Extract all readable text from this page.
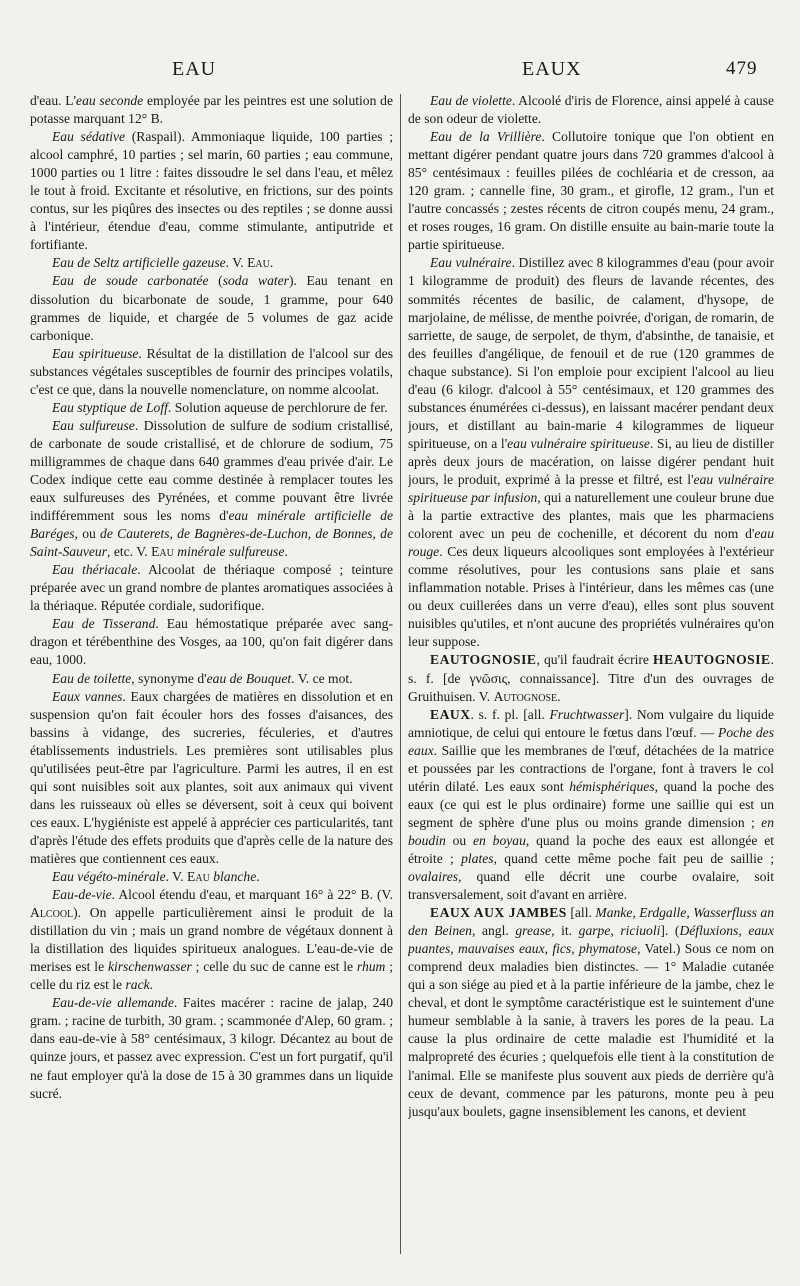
EAU	EAUX	479

d'eau. L'eau seconde employée par les peintres est une solution de potasse marquant 12° B.

Eau sédative (Raspail). Ammoniaque liquide, 100 parties ; alcool camphré, 10 parties ; sel marin, 60 parties ; eau commune, 1000 parties ou 1 litre : faites dissoudre le sel dans l'eau, et mêlez le tout à froid. Excitante et résolutive, en frictions, sur des points contus, sur les piqûres des insectes ou des reptiles ; se donne aussi à l'intérieur, étendue d'eau, comme stimulante, antiputride et fortifiante.

Eau de Seltz artificielle gazeuse. V. Eau.

Eau de soude carbonatée (soda water). Eau tenant en dissolution du bicarbonate de soude, 1 gramme, pour 640 grammes de liquide, et chargée de 5 volumes de gaz acide carbonique.

Eau spiritueuse. Résultat de la distillation de l'alcool sur des substances végétales susceptibles de fournir des principes volatils, c'est ce que, dans la nouvelle nomenclature, on nomme alcoolat.

Eau styptique de Loff. Solution aqueuse de perchlorure de fer.

Eau sulfureuse. Dissolution de sulfure de sodium cristallisé, de carbonate de soude cristallisé, et de chlorure de sodium, 75 milligrammes de chaque dans 640 grammes d'eau privée d'air. Le Codex indique cette eau comme destinée à remplacer toutes les eaux sulfureuses des Pyrénées, et comme pouvant être livrée indifféremment sous les noms d'eau minérale artificielle de Baréges, ou de Cauterets, de Bagnères-de-Luchon, de Bonnes, de Saint-Sauveur, etc. V. Eau minérale sulfureuse.

Eau thériacale. Alcoolat de thériaque composé ; teinture préparée avec un grand nombre de plantes aromatiques associées à la thériaque. Réputée cordiale, sudorifique.

Eau de Tisserand. Eau hémostatique préparée avec sang-dragon et térébenthine des Vosges, aa 100, qu'on fait digérer dans eau, 1000.

Eau de toilette, synonyme d'eau de Bouquet. V. ce mot.

Eaux vannes. Eaux chargées de matières en dissolution et en suspension qu'on fait écouler hors des fosses d'aisances, des bassins à vidange, des sucreries, féculeries, et d'autres établissements industriels. Les premières sont utilisables plus qu'utilisées peut-être par l'agriculture. Parmi les autres, il en est qui sont nuisibles soit aux plantes, soit aux animaux qui vivent dans les ruisseaux où elles se déversent, soit à ceux qui boivent ces eaux. L'hygiéniste est appelé à apprécier ces particularités, tant d'après l'étude des effets produits que d'après celle de la nature des matières que contiennent ces eaux.

Eau végéto-minérale. V. Eau blanche.

Eau-de-vie. Alcool étendu d'eau, et marquant 16° à 22° B. (V. Alcool). On appelle particulièrement ainsi le produit de la distillation du vin ; mais un grand nombre de végétaux donnent à la distillation des liquides spiritueux analogues. L'eau-de-vie de merises est le kirschenwasser ; celle du suc de canne est le rhum ; celle du riz est le rack.

Eau-de-vie allemande. Faites macérer : racine de jalap, 240 gram. ; racine de turbith, 30 gram. ; scammonée d'Alep, 60 gram. ; dans eau-de-vie à 58° centésimaux, 3 kilogr. Décantez au bout de quinze jours, et passez avec expression. C'est un fort purgatif, qu'il ne faut employer qu'à la dose de 15 à 30 grammes dans un liquide sucré.

Eau de violette. Alcoolé d'iris de Florence, ainsi appelé à cause de son odeur de violette.

Eau de la Vrillière. Collutoire tonique que l'on obtient en mettant digérer pendant quatre jours dans 720 grammes d'alcool à 85° centésimaux : feuilles pilées de cochléaria et de cresson, aa 120 gram. ; cannelle fine, 30 gram., et girofle, 12 gram., l'un et l'autre concassés ; zestes récents de citron coupés menu, 24 gram., et roses rouges, 16 gram. On distille ensuite au bain-marie toute la partie spiritueuse.

Eau vulnéraire. Distillez avec 8 kilogrammes d'eau (pour avoir 1 kilogramme de produit) des fleurs de lavande récentes, des sommités récentes de basilic, de calament, d'hysope, de marjolaine, de mélisse, de menthe poivrée, d'origan, de romarin, de sarriette, de sauge, de serpolet, de thym, d'absinthe, de tanaisie, et des feuilles d'angélique, de fenouil et de rue (120 grammes de chaque substance). Si l'on emploie pour excipient l'alcool au lieu d'eau (6 kilogr. d'alcool à 55° centésimaux, et 120 grammes des substances énumérées ci-dessus), en laissant macérer pendant deux jours, et distillant au bain-marie 4 kilogrammes de liqueur spiritueuse, on a l'eau vulnéraire spiritueuse. Si, au lieu de distiller après deux jours de macération, on laisse digérer pendant huit jours, le produit, exprimé à la presse et filtré, est l'eau vulnéraire spiritueuse par infusion, qui a naturellement une couleur brune due à la partie extractive des plantes, mais que les pharmaciens colorent avec un peu de cochenille, et décorent du nom d'eau rouge. Ces deux liqueurs alcooliques sont employées à l'extérieur comme résolutives, pour les contusions sans plaie et sans inflammation notable. Prises à l'intérieur, dans les mêmes cas (une ou deux cuillerées dans un verre d'eau), elles sont plus souvent nuisibles qu'utiles, et n'ont aucune des propriétés vulnéraires qu'on leur suppose.

EAUTOGNOSIE, qu'il faudrait écrire HEAUTOGNOSIE. s. f. [de γνῶσις, connaissance]. Titre d'un des ouvrages de Gruithuisen. V. Autognose.

EAUX. s. f. pl. [all. Fruchtwasser]. Nom vulgaire du liquide amniotique, de celui qui entoure le fœtus dans l'œuf. — Poche des eaux. Saillie que les membranes de l'œuf, détachées de la matrice et poussées par les contractions de l'organe, font à travers le col utérin dilaté. Les eaux sont hémisphériques, quand la poche des eaux (ce qui est le plus ordinaire) forme une saillie qui est un segment de sphère d'une plus ou moins grande dimension ; en boudin ou en boyau, quand la poche des eaux est allongée et étroite ; plates, quand cette même poche fait peu de saillie ; ovalaires, quand elle décrit une courbe ovalaire, soit transversalement, soit d'avant en arrière.

EAUX AUX JAMBES [all. Manke, Erdgalle, Wasserfluss an den Beinen, angl. grease, it. garpe, riciuoli]. (Défluxions, eaux puantes, mauvaises eaux, fics, phymatose, Vatel.) Sous ce nom on comprend deux maladies bien distinctes. — 1° Maladie cutanée qui a son siége au pied et à la partie inférieure de la jambe, chez le cheval, et dont le symptôme caractéristique est le suintement d'une humeur semblable à la sanie, à travers les pores de la peau. La cause la plus ordinaire de cette maladie est l'humidité et la malpropreté des écuries ; quelquefois elle tient à la constitution de l'animal. Elle se manifeste plus souvent aux pieds de derrière qu'à ceux de devant, commence par les paturons, monte peu à peu jusqu'aux boulets, gagne insensiblement les canons, et devient
